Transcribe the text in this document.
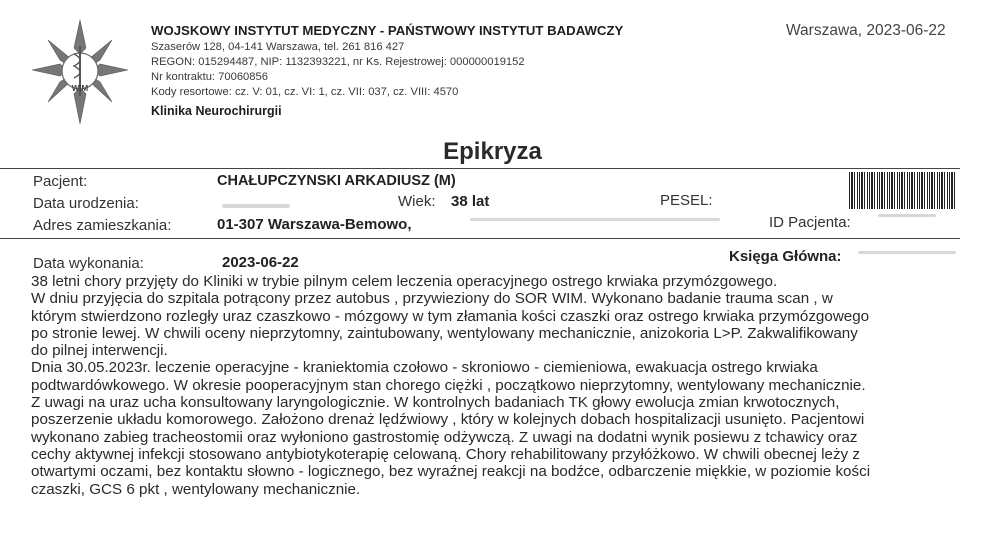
WIM
WOJSKOWY INSTYTUT MEDYCZNY - PAŃSTWOWY INSTYTUT BADAWCZY
Szaserów 128, 04-141 Warszawa, tel. 261 816 427
REGON: 015294487, NIP: 1132393221, nr Ks. Rejestrowej: 000000019152
Nr kontraktu: 70060856
Kody resortowe: cz. V: 01, cz. VI: 1, cz. VII: 037, cz. VIII: 4570
Klinika Neurochirurgii
Warszawa, 2023-06-22
Epikryza
Pacjent:	CHAŁUPCZYNSKI ARKADIUSZ (M)
Data urodzenia:	Wiek: 38 lat	PESEL:
Adres zamieszkania:	01-307 Warszawa-Bemowo,	ID Pacjenta:
Data wykonania:	2023-06-22	Księga Główna:

38 letni chory przyjęty do Kliniki w trybie pilnym celem leczenia operacyjnego ostrego krwiaka przymózgowego.

W dniu przyjęcia do szpitala potrącony przez autobus , przywieziony do SOR WIM. Wykonano badanie trauma scan , w

którym stwierdzono rozległy uraz czaszkowo - mózgowy w tym złamania kości czaszki oraz ostrego krwiaka przymózgowego

po stronie lewej. W chwili oceny nieprzytomny, zaintubowany, wentylowany mechanicznie, anizokoria L>P. Zakwalifikowany

do pilnej interwencji.

Dnia 30.05.2023r. leczenie operacyjne - kraniektomia czołowo - skroniowo - ciemieniowa, ewakuacja ostrego krwiaka

podtwardówkowego. W okresie pooperacyjnym stan chorego ciężki , początkowo nieprzytomny, wentylowany mechanicznie.

Z uwagi na uraz ucha konsultowany laryngologicznie. W kontrolnych badaniach TK głowy ewolucja zmian krwotocznych,

poszerzenie układu komorowego. Założono drenaż lędźwiowy , który w kolejnych dobach hospitalizacji usunięto. Pacjentowi

wykonano zabieg tracheostomii oraz wyłoniono gastrostomię odżywczą. Z uwagi na dodatni wynik posiewu z tchawicy oraz

cechy aktywnej infekcji stosowano antybiotykoterapię celowaną. Chory rehabilitowany przyłóżkowo. W chwili obecnej leży z

otwartymi oczami, bez kontaktu słowno - logicznego, bez wyraźnej reakcji na bodźce, odbarczenie miękkie, w poziomie kości

czaszki, GCS 6 pkt , wentylowany mechanicznie.
